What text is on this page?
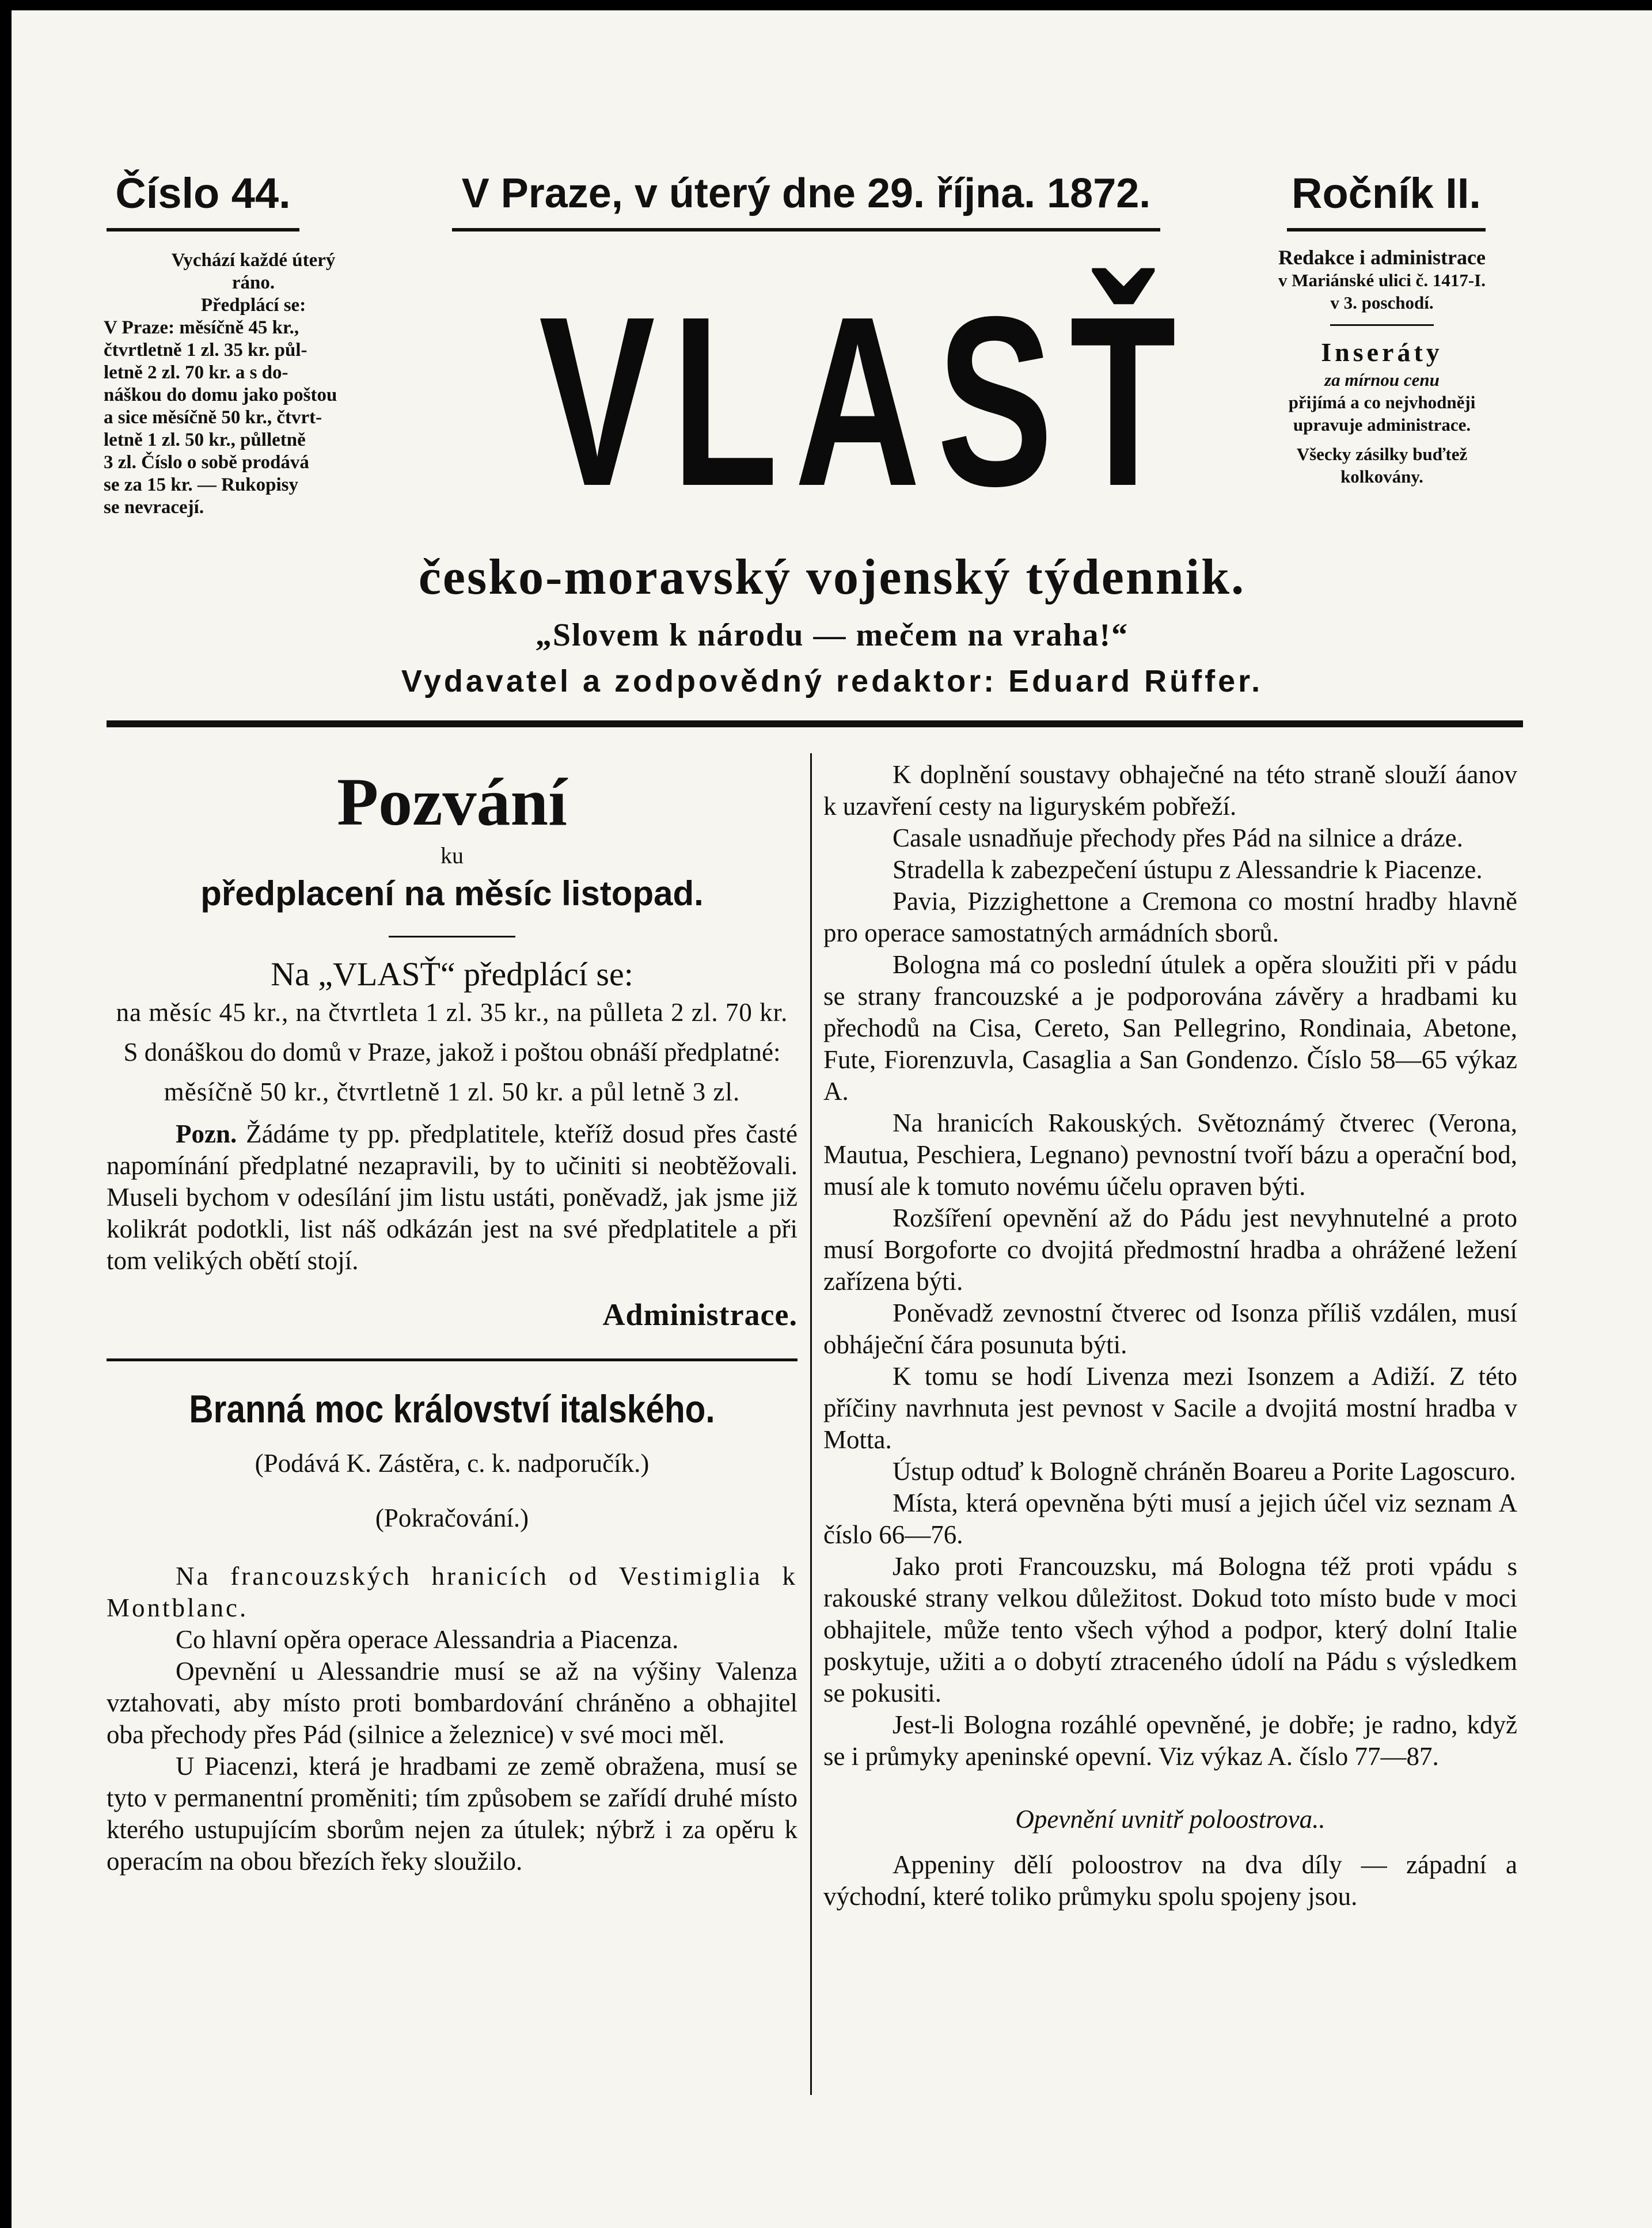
Číslo 44.	V Praze, v úterý dne 29. října. 1872.	Ročník II.

Vychází každé úterý

ráno.

Předplácí se:

V Praze: měsíčně 45 kr.,

čtvrtletně 1 zl. 35 kr. půl-

letně 2 zl. 70 kr. a s do-

náškou do domu jako poštou

a sice měsíčně 50 kr., čtvrt-

letně 1 zl. 50 kr., půlletně

3 zl. Číslo o sobě prodává

se za 15 kr. — Rukopisy

se nevracejí.	VLASŤ

Redakce i administrace

v Mariánské ulici č. 1417-I.

v 3. poschodí.

Inseráty

za mírnou cenu

přijímá a co nejvhodněji

upravuje administrace.

Všecky zásilky buďtež

kolkovány.

česko-moravský vojenský týdennik.
„Slovem k národu — mečem na vraha!“
Vydavatel a zodpovědný redaktor: Eduard Rüffer.

Pozvání

ku

předplacení na měsíc listopad.

Na „VLASŤ“ předplácí se:

na měsíc 45 kr., na čtvrtleta 1 zl. 35 kr., na půlleta 2 zl. 70 kr.

S donáškou do domů v Praze, jakož i poštou obnáší předplatné:

měsíčně 50 kr., čtvrtletně 1 zl. 50 kr. a půl letně 3 zl.

Pozn. Žádáme ty pp. předplatitele, kteříž dosud přes časté napomínání předplatné nezapravili, by to učiniti si neobtěžovali. Museli bychom v odesílání jim listu ustáti, poněvadž, jak jsme již kolikrát podotkli, list náš odkázán jest na své předplatitele a při tom velikých obětí stojí.

Administrace.

Branná moc království italského.

(Podává K. Zástěra, c. k. nadporučík.)

(Pokračování.)

Na francouzských hranicích od Vestimiglia k Montblanc.

Co hlavní opěra operace Alessandria a Piacenza.

Opevnění u Alessandrie musí se až na výšiny Valenza vztahovati, aby místo proti bombardování chráněno a obhajitel oba přechody přes Pád (silnice a železnice) v své moci měl.

U Piacenzi, která je hradbami ze země obražena, musí se tyto v permanentní proměniti; tím způsobem se zařídí druhé místo kterého ustupujícím sborům nejen za útulek; nýbrž i za opěru k operacím na obou březích řeky sloužilo.

K doplnění soustavy obhaječné na této straně slouží áanov k uzavření cesty na liguryském pobřeží.

Casale usnadňuje přechody přes Pád na silnice a dráze.

Stradella k zabezpečení ústupu z Alessandrie k Piacenze.

Pavia, Pizzighettone a Cremona co mostní hradby hlavně pro operace samostatných armádních sborů.

Bologna má co poslední útulek a opěra sloužiti při v pádu se strany francouzské a je podporována závěry a hradbami ku přechodů na Cisa, Cereto, San Pellegrino, Rondinaia, Abetone, Futе, Fiorenzuvla, Casaglia a San Gondenzo. Číslo 58—65 výkaz A.

Na hranicích Rakouských. Světoznámý čtverec (Verona, Mautua, Peschiera, Legnano) pevnostní tvoří bázu a operační bod, musí ale k tomuto novému účelu opraven býti.

Rozšíření opevnění až do Pádu jest nevyhnutelné a proto musí Borgoforte co dvojitá předmostní hradba a ohrážené ležení zařízena býti.

Poněvadž zevnostní čtverec od Isonza příliš vzdálen, musí obháječní čára posunuta býti.

K tomu se hodí Livenza mezi Isonzem a Adiží. Z této příčiny navrhnuta jest pevnost v Sacile a dvojitá mostní hradba v Motta.

Ústup odtuď k Bologně chráněn Boareu a Porite Lagoscuro.

Místa, která opevněna býti musí a jejich účel viz seznam A číslo 66—76.

Jako proti Francouzsku, má Bologna též proti vpádu s rakouské strany velkou důležitost. Dokud toto místo bude v moci obhajitele, může tento všech výhod a podpor, který dolní Italie poskytuje, užiti a o dobytí ztraceného údolí na Pádu s výsledkem se pokusiti.

Jest-li Bologna rozáhlé opevněné, je dobře; je radno, když se i průmyky apeninské opevní. Viz výkaz A. číslo 77—87.

Opevnění uvnitř poloostrova..

Appeniny dělí poloostrov na dva díly — západní a východní, které toliko průmyku spolu spojeny jsou.
